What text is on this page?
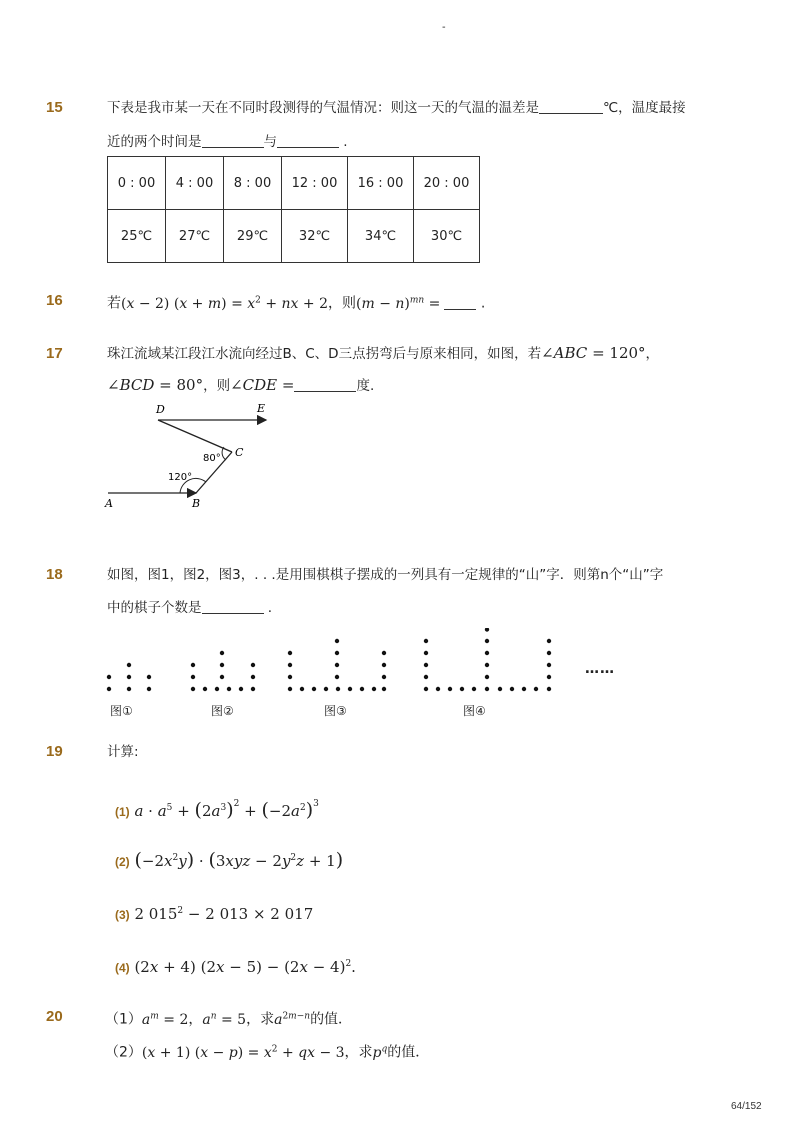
-
15	下表是我市某一天在不同时段测得的气温情况：则这一天的气温的温差是	℃，温度最接
近的两个时间是	与	.
0 : 00	4 : 00	8 : 00	12 : 00	16 : 00	20 : 00
25℃	27℃	29℃	32℃	34℃	30℃
16	若(x − 2) $(x + m) = x^2$ + nx + 2，则$(m - n)^{mn}$ =	.
17	珠江流域某江段江水流向经过B、C、D三点拐弯后与原来相同，如图，若∠ABC = 120°，
∠BCD = 80°，则∠CDE =	度.
A	B
C
D	E
80°
120°
18	如图，图1，图2，图3，. . .是用围棋棋子摆成的一列具有一定规律的“山”字．则第n个“山”字
中的棋子个数是	.
……
图①	图②	图③	图④
19	计算:
(1) $a \cdot a^5 + (2a^3)^2 + (-2a^2)^3$
(2) $(-2x^2y) \cdot (3xyz - 2y^2z + 1)$
(3) 2 $015^2 - 2$ 013 × 2 017
(4) (2x + 4) $(2x - 5) - (2x - 4)^2$.
20	$(1)a^m = 2$，$a^n = 5$，求$a^{2m-n}$的值．
（2）(x + 1) $(x - p) = x^2$ + qx − 3，求$p^q$的值．
64/152
